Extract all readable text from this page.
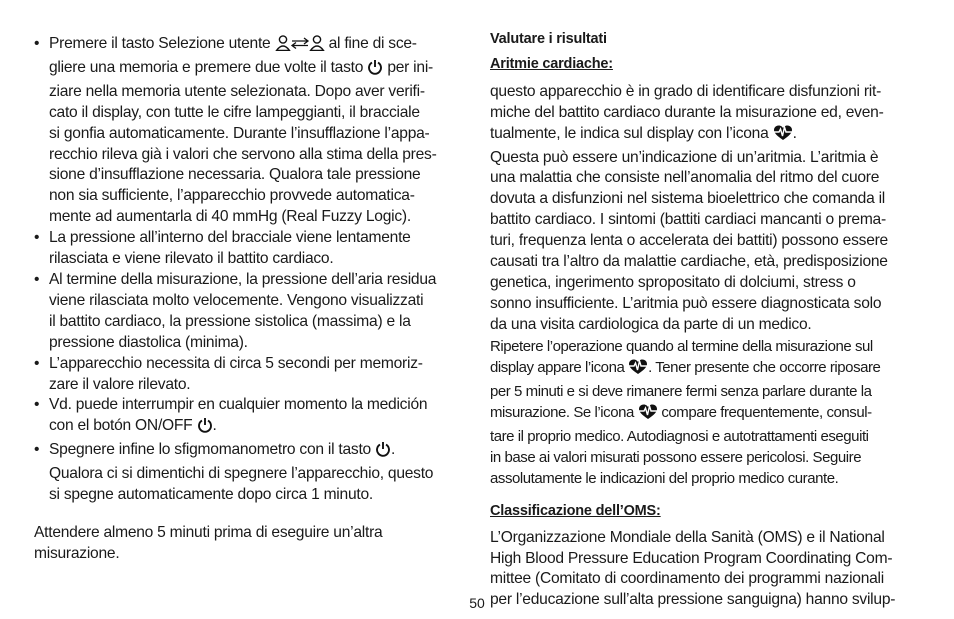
• Premere il tasto Selezione utente	al fine di sce-
gliere una memoria e premere due volte il tasto  per ini-
ziare nella memoria utente selezionata. Dopo aver verifi-
cato il display, con tutte le cifre lampeggianti, il bracciale
si gonfia automaticamente. Durante l’insufflazione l’appa-
recchio rileva già i valori che servono alla stima della pres-
sione d’insufflazione necessaria. Qualora tale pressione
non sia sufficiente, l’apparecchio provvede automatica-
mente ad aumentarla di 40 mmHg (Real Fuzzy Logic).
• La pressione all’interno del bracciale viene lentamente
rilasciata e viene rilevato il battito cardiaco.
• Al termine della misurazione, la pressione dell’aria residua
viene rilasciata molto velocemente. Vengono visualizzati
il battito cardiaco, la pressione sistolica (massima) e la
pressione diastolica (minima).
• L’apparecchio necessita di circa 5 secondi per memoriz-
zare il valore rilevato.
• Vd. puede interrumpir en cualquier momento la medición
con el botón ON/OFF .
• Spegnere infine lo sfigmomanometro con il tasto .
Qualora ci si dimentichi di spegnere l’apparecchio, questo
si spegne automaticamente dopo circa 1 minuto.

Attendere almeno 5 minuti prima di eseguire un’altra
misurazione.

Valutare i risultati

Aritmie cardiache:

questo apparecchio è in grado di identificare disfunzioni rit-
miche del battito cardiaco durante la misurazione ed, even-
tualmente, le indica sul display con l’icona .
Questa può essere un’indicazione di un’aritmia. L’aritmia è
una malattia che consiste nell’anomalia del ritmo del cuore
dovuta a disfunzioni nel sistema bioelettrico che comanda il
battito cardiaco. I sintomi (battiti cardiaci mancanti o prema-
turi, frequenza lenta o accelerata dei battiti) possono essere
causati tra l’altro da malattie cardiache, età, predisposizione
genetica, ingerimento spropositato di dolciumi, stress o
sonno insufficiente. L’aritmia può essere diagnosticata solo
da una visita cardiologica da parte di un medico.

Ripetere l’operazione quando al termine della misurazione sul
display appare l’icona . Tener presente che occorre riposare
per 5 minuti e si deve rimanere fermi senza parlare durante la
misurazione. Se l’icona  compare frequentemente, consul-
tare il proprio medico. Autodiagnosi e autotrattamenti eseguiti
in base ai valori misurati possono essere pericolosi. Seguire
assolutamente le indicazioni del proprio medico curante.

Classificazione dell’OMS:

L’Organizzazione Mondiale della Sanità (OMS) e il National
High Blood Pressure Education Program Coordinating Com-
mittee (Comitato di coordinamento dei programmi nazionali
per l’educazione sull’alta pressione sanguigna) hanno svilup-

50
